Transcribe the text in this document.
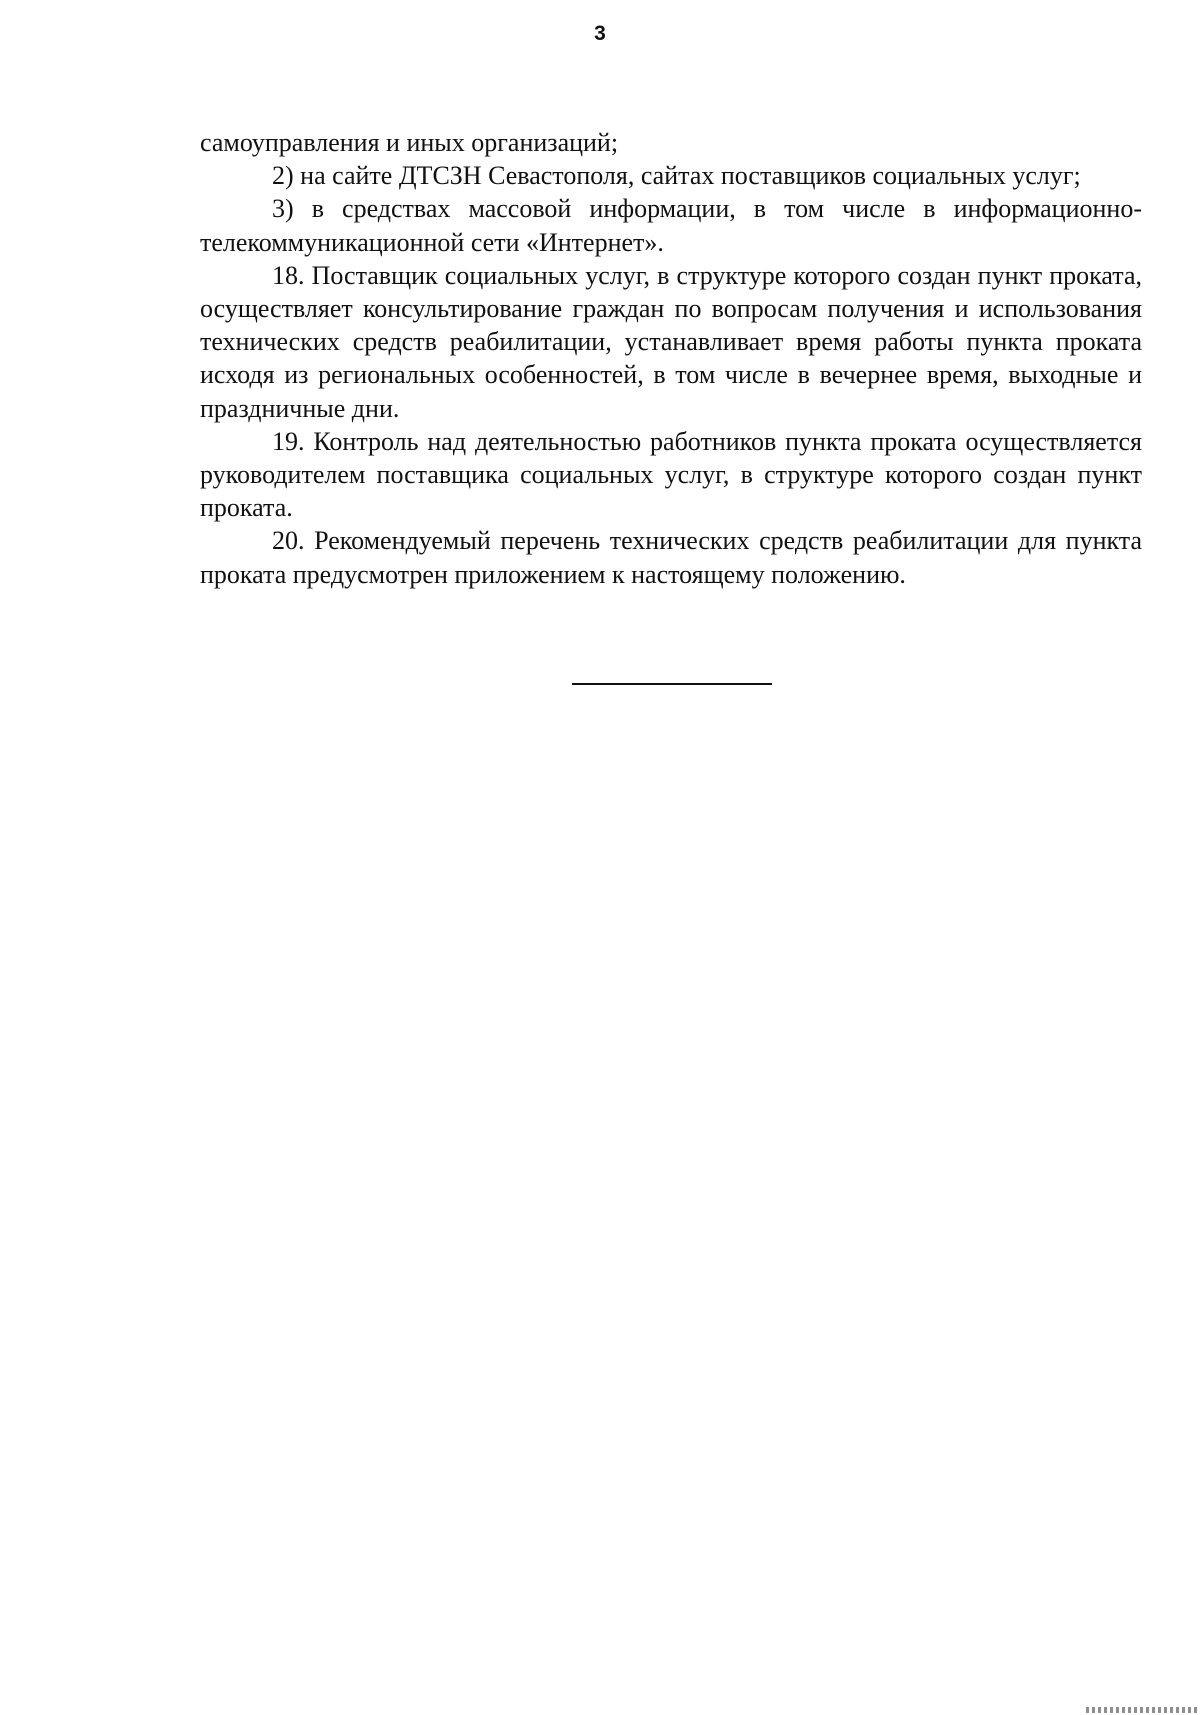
3

самоуправления и иных организаций;

2) на сайте ДТСЗН Севастополя, сайтах поставщиков социальных услуг;

3) в средствах массовой информации, в том числе в информационно-телекоммуникационной сети «Интернет».

18. Поставщик социальных услуг, в структуре которого создан пункт проката, осуществляет консультирование граждан по вопросам получения и использования технических средств реабилитации, устанавливает время работы пункта проката исходя из региональных особенностей, в том числе в вечернее время, выходные и праздничные дни.

19. Контроль над деятельностью работников пункта проката осуществляется руководителем поставщика социальных услуг, в структуре которого создан пункт проката.

20. Рекомендуемый перечень технических средств реабилитации для пункта проката предусмотрен приложением к настоящему положению.
